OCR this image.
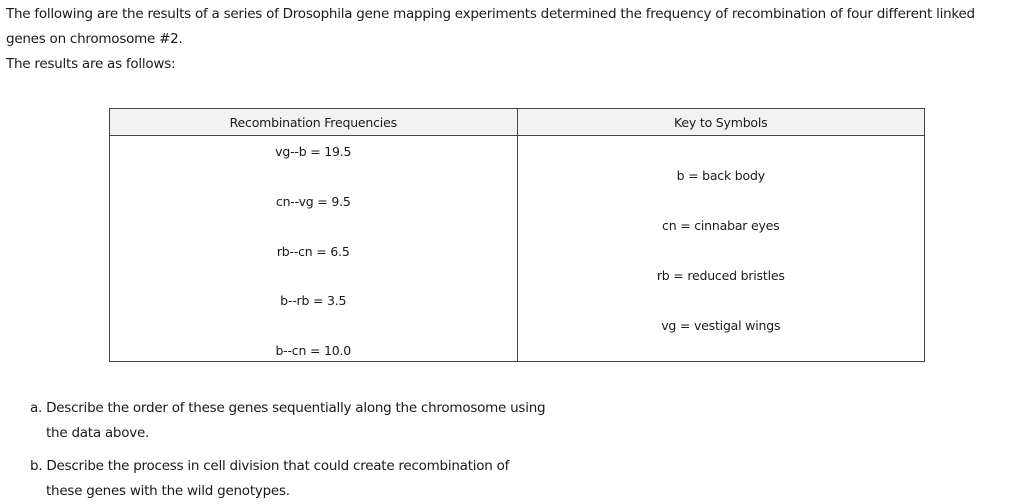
The following are the results of a series of Drosophila gene mapping experiments determined the frequency of recombination of four different linked

genes on chromosome #2.

The results are as follows:

Recombination Frequencies	Key to Symbols
vg--b = 19.5
cn--vg = 9.5
rb--cn = 6.5
b--rb = 3.5
b--cn = 10.0
b = back body
cn = cinnabar eyes
rb = reduced bristles
vg = vestigal wings

a. Describe the order of these genes sequentially along the chromosome using
the data above.

b. Describe the process in cell division that could create recombination of
these genes with the wild genotypes.
